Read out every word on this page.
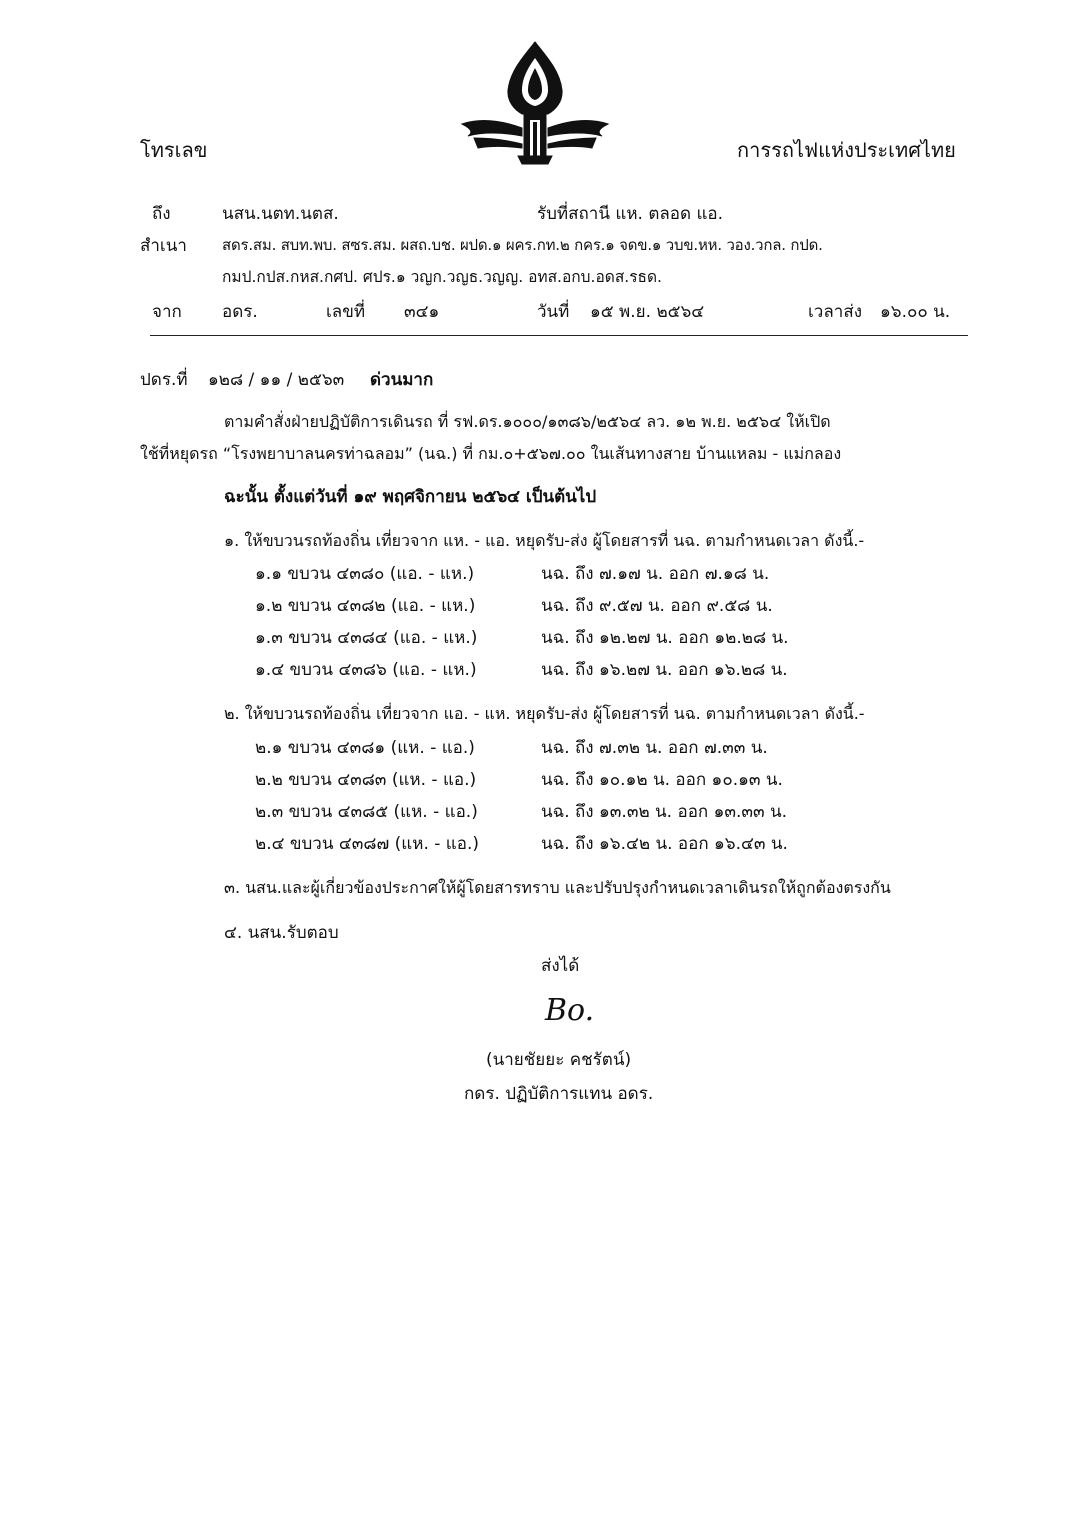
โทรเลข	การรถไฟแห่งประเทศไทย
ถึง	นสน.นตท.นตส.	รับที่สถานี แห. ตลอด แอ.
สำเนา สดร.สม. สบท.พบ. สซร.สม. ผสถ.บช. ผปด.๑ ผคร.กท.๒ กคร.๑ จดข.๑ วบข.หห. วอง.วกล. กปด.
กมป.กปส.กหส.กศป. ศปร.๑ วญก.วญธ.วญญ. อทส.อกบ.อดส.รธด.
จาก อดร.	เลขที่ ๓๔๑	วันที่ ๑๕ พ.ย. ๒๕๖๔	เวลาส่ง ๑๖.๐๐ น.
ปดร.ที่ ๑๒๘ / ๑๑ / ๒๕๖๓ ด่วนมาก
ตามคำสั่งฝ่ายปฏิบัติการเดินรถ ที่ รฟ.ดร.๑๐๐๐/๑๓๘๖/๒๕๖๔ ลว. ๑๒ พ.ย. ๒๕๖๔ ให้เปิด
ใช้ที่หยุดรถ “โรงพยาบาลนครท่าฉลอม” (นฉ.) ที่ กม.๐+๕๖๗.๐๐ ในเส้นทางสาย บ้านแหลม - แม่กลอง
ฉะนั้น ตั้งแต่วันที่ ๑๙ พฤศจิกายน ๒๕๖๔ เป็นต้นไป
๑. ให้ขบวนรถท้องถิ่น เที่ยวจาก แห. - แอ. หยุดรับ-ส่ง ผู้โดยสารที่ นฉ. ตามกำหนดเวลา ดังนี้.-
๑.๑ ขบวน ๔๓๘๐ (แอ. - แห.)	นฉ. ถึง ๗.๑๗ น. ออก ๗.๑๘ น.
๑.๒ ขบวน ๔๓๘๒ (แอ. - แห.)	นฉ. ถึง ๙.๕๗ น. ออก ๙.๕๘ น.
๑.๓ ขบวน ๔๓๘๔ (แอ. - แห.)	นฉ. ถึง ๑๒.๒๗ น. ออก ๑๒.๒๘ น.
๑.๔ ขบวน ๔๓๘๖ (แอ. - แห.)	นฉ. ถึง ๑๖.๒๗ น. ออก ๑๖.๒๘ น.
๒. ให้ขบวนรถท้องถิ่น เที่ยวจาก แอ. - แห. หยุดรับ-ส่ง ผู้โดยสารที่ นฉ. ตามกำหนดเวลา ดังนี้.-
๒.๑ ขบวน ๔๓๘๑ (แห. - แอ.)	นฉ. ถึง ๗.๓๒ น. ออก ๗.๓๓ น.
๒.๒ ขบวน ๔๓๘๓ (แห. - แอ.)	นฉ. ถึง ๑๐.๑๒ น. ออก ๑๐.๑๓ น.
๒.๓ ขบวน ๔๓๘๕ (แห. - แอ.)	นฉ. ถึง ๑๓.๓๒ น. ออก ๑๓.๓๓ น.
๒.๔ ขบวน ๔๓๘๗ (แห. - แอ.)	นฉ. ถึง ๑๖.๔๒ น. ออก ๑๖.๔๓ น.
๓. นสน.และผู้เกี่ยวข้องประกาศให้ผู้โดยสารทราบ และปรับปรุงกำหนดเวลาเดินรถให้ถูกต้องตรงกัน
๔. นสน.รับตอบ
ส่งได้
Bo.
(นายชัยยะ คชรัตน์)
กดร. ปฏิบัติการแทน อดร.
